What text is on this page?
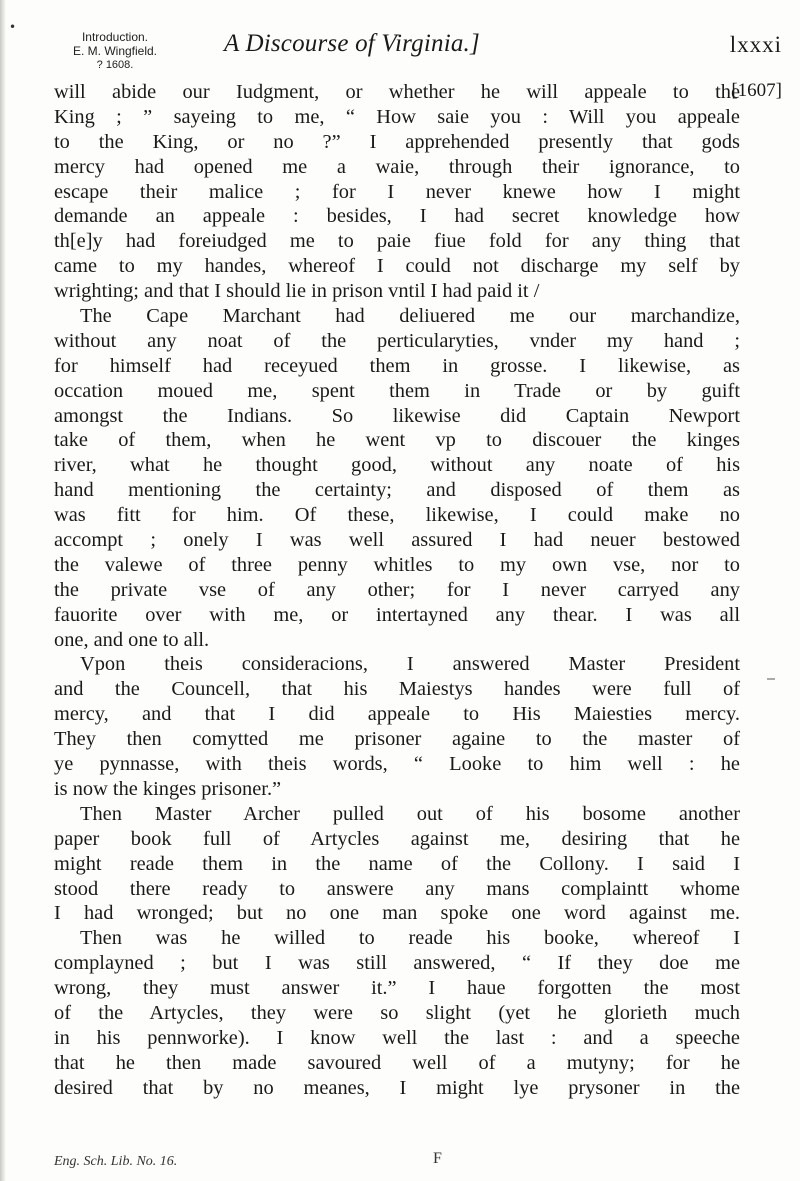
•
Introduction.
E. M. Wingfield.
? 1608.
A Discourse of Virginia.]	lxxxi
[1607]
will abide our Iudgment, or whether he will appeale to the
King ; ” sayeing to me, “ How saie you : Will you appeale
to the King, or no ?” I apprehended presently that gods
mercy had opened me a waie, through their ignorance, to
escape their malice ; for I never knewe how I might
demande an appeale : besides, I had secret knowledge how
th[e]y had foreiudged me to paie fiue fold for any thing that
came to my handes, whereof I could not discharge my self by
wrighting; and that I should lie in prison vntil I had paid it /
The Cape Marchant had deliuered me our marchandize,
without any noat of the perticularyties, vnder my hand ;
for himself had receyued them in grosse. I likewise, as
occation moued me, spent them in Trade or by guift
amongst the Indians. So likewise did Captain Newport
take of them, when he went vp to discouer the kinges
river, what he thought good, without any noate of his
hand mentioning the certainty; and disposed of them as
was fitt for him. Of these, likewise, I could make no
accompt ; onely I was well assured I had neuer bestowed
the valewe of three penny whitles to my own vse, nor to
the private vse of any other; for I never carryed any
fauorite over with me, or intertayned any thear. I was all
one, and one to all.
Vpon theis consideracions, I answered Master President
and the Councell, that his Maiestys handes were full of
mercy, and that I did appeale to His Maiesties mercy.
They then comytted me prisoner againe to the master of
ye pynnasse, with theis words, “ Looke to him well : he
is now the kinges prisoner.”
Then Master Archer pulled out of his bosome another
paper book full of Artycles against me, desiring that he
might reade them in the name of the Collony. I said I
stood there ready to answere any mans complaintt whome
I had wronged; but no one man spoke one word against me.
Then was he willed to reade his booke, whereof I
complayned ; but I was still answered, “ If they doe me
wrong, they must answer it.” I haue forgotten the most
of the Artycles, they were so slight (yet he glorieth much
in his pennworke). I know well the last : and a speeche
that he then made savoured well of a mutyny; for he
desired that by no meanes, I might lye prysoner in the
Eng. Sch. Lib. No. 16.	F
